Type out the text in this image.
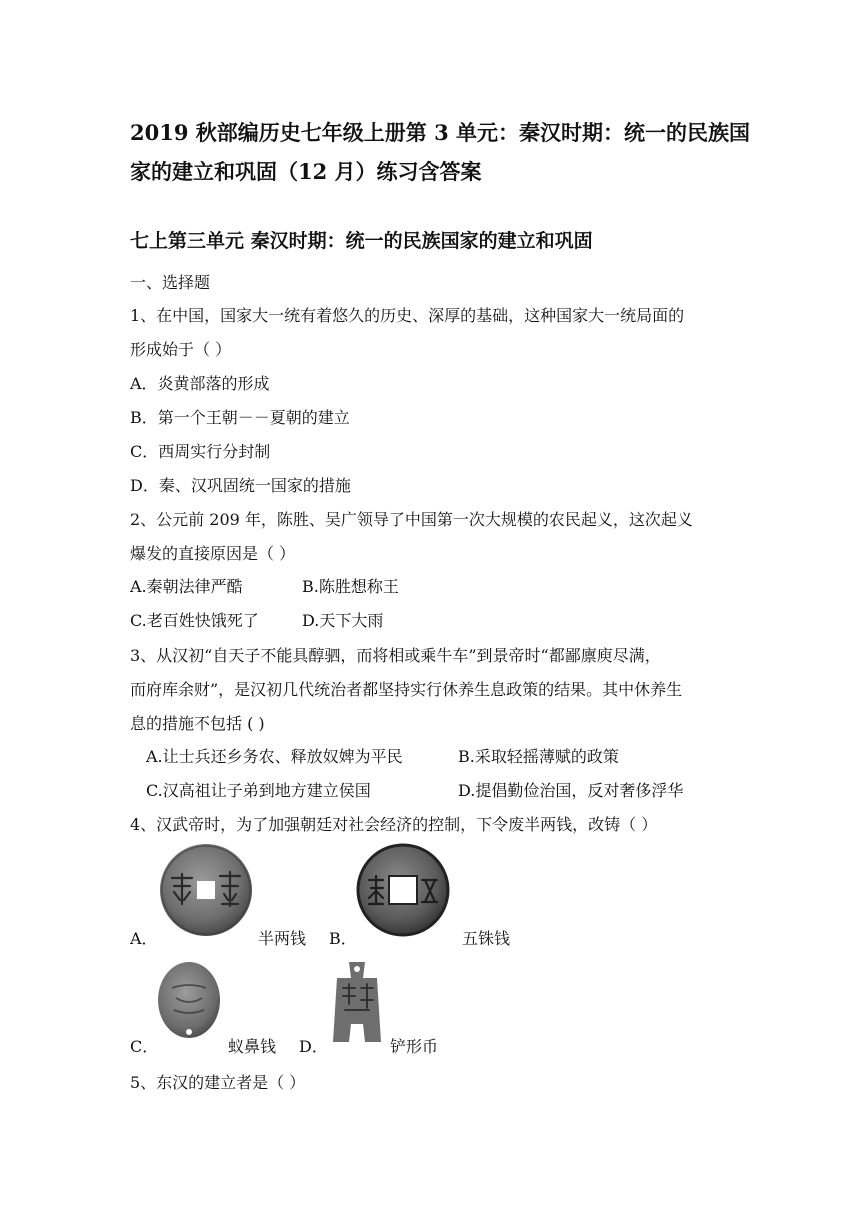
2019 秋部编历史七年级上册第 3 单元：秦汉时期：统一的民族国
家的建立和巩固（12 月）练习含答案
七上第三单元 秦汉时期：统一的民族国家的建立和巩固
一、选择题
1、在中国，国家大一统有着悠久的历史、深厚的基础，这种国家大一统局面的
形成始于（ ）
A．炎黄部落的形成
B．第一个王朝－－夏朝的建立
C．西周实行分封制
D．秦、汉巩固统一国家的措施
2、公元前 209 年，陈胜、吴广领导了中国第一次大规模的农民起义，这次起义
爆发的直接原因是（ ）
A.秦朝法律严酷	B.陈胜想称王
C.老百姓快饿死了	D.天下大雨
3、从汉初“自天子不能具醇驷，而将相或乘牛车”到景帝时“都鄙廪庾尽满，
而府库余财”，是汉初几代统治者都坚持实行休养生息政策的结果。其中休养生
息的措施不包括 ( )
A.让士兵还乡务农、释放奴婢为平民	B.采取轻摇薄赋的政策
C.汉高祖让子弟到地方建立侯国	D.提倡勤俭治国，反对奢侈浮华
4、汉武帝时，为了加强朝廷对社会经济的控制，下令废半两钱，改铸（ ）
A．	半两钱 B．	五铢钱
C．	蚁鼻钱 D．	铲形币
5、东汉的建立者是（ ）
